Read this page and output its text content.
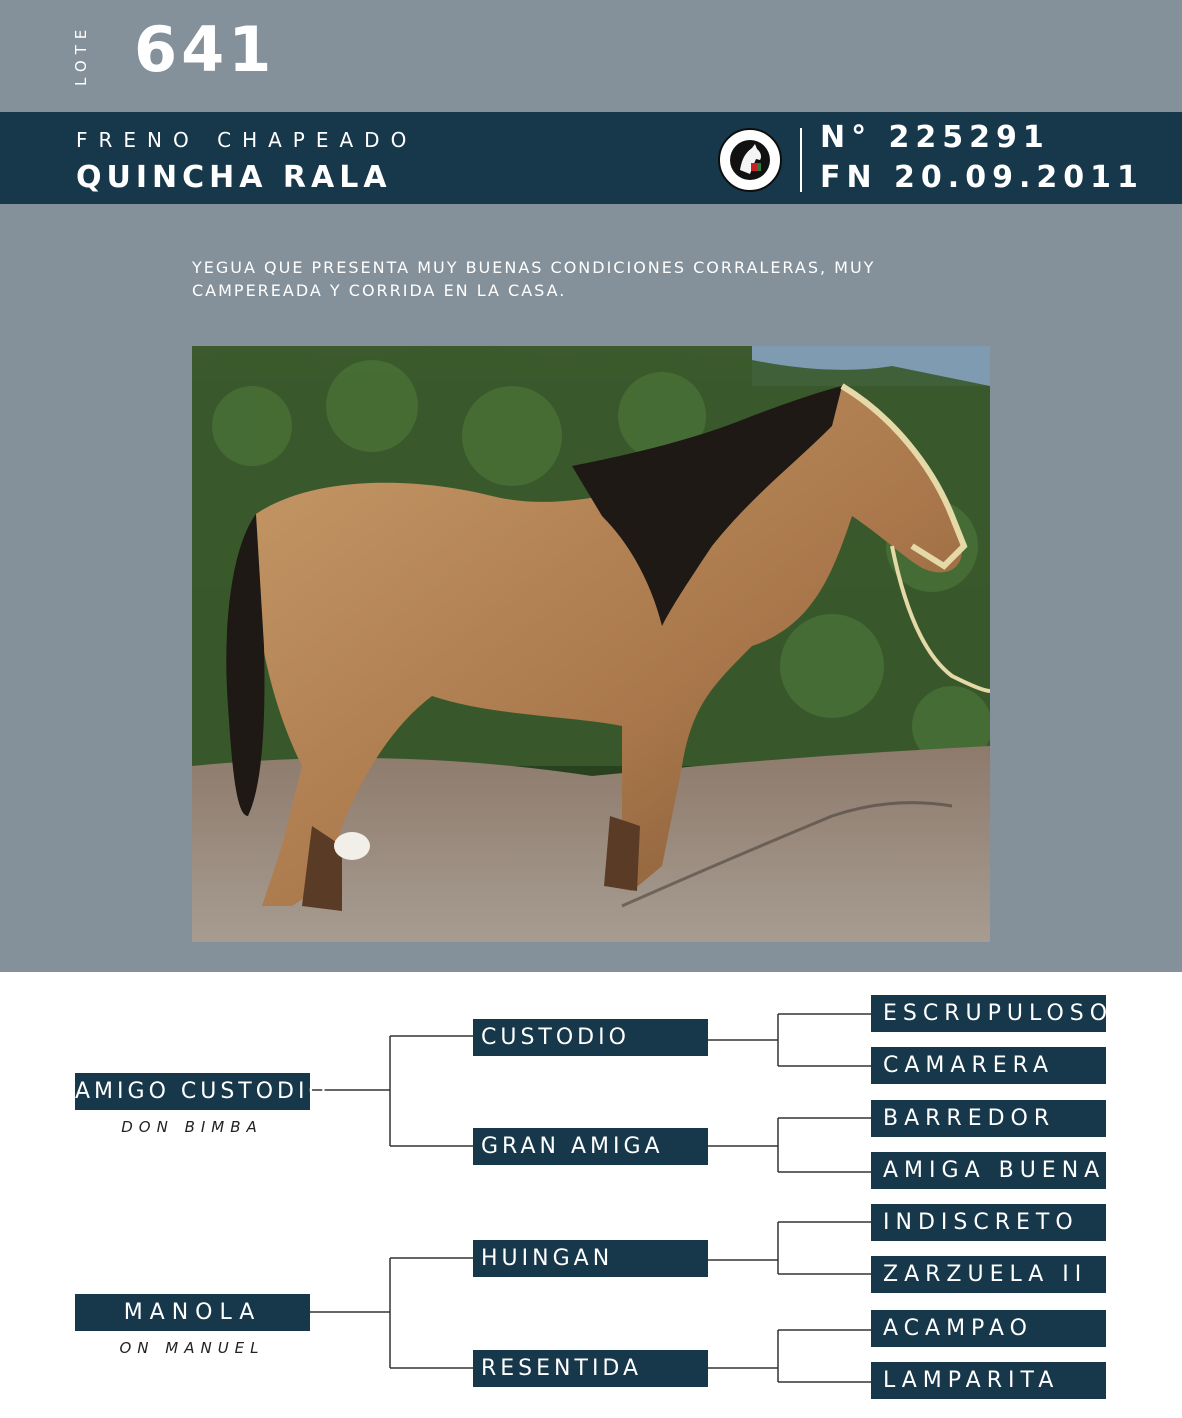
LOTE 641
FRENO CHAPEADO
QUINCHA RALA
N° 225291
FN 20.09.2011
YEGUA QUE PRESENTA MUY BUENAS CONDICIONES CORRALERAS, MUY CAMPEREADA Y CORRIDA EN LA CASA.
AMIGO CUSTODIO
DON BIMBA
MANOLA
ON MANUEL
CUSTODIO
GRAN AMIGA
HUINGAN
RESENTIDA
ESCRUPULOSO
CAMARERA
BARREDOR
AMIGA BUENA
INDISCRETO
ZARZUELA II
ACAMPAO
LAMPARITA
